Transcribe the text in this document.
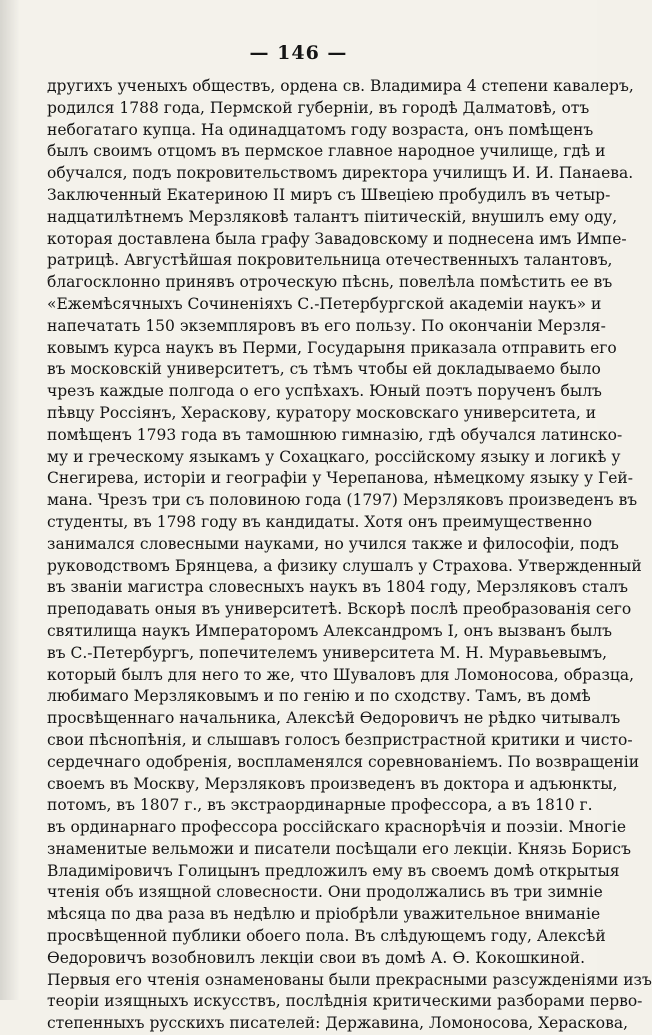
— 146 —
другихъ ученыхъ обществъ, ордена св. Владимира 4 степени кавалеръ,
родился 1788 года, Пермской губерніи, въ городѣ Далматовѣ, отъ
небогатаго купца. На одинадцатомъ году возраста, онъ помѣщенъ
былъ своимъ отцомъ въ пермское главное народное училище, гдѣ и
обучался, подъ покровительствомъ директора училищъ И. И. Панаева.
Заключенный Екатериною II миръ съ Швеціею пробудилъ въ четыр-
надцатилѣтнемъ Мерзляковѣ талантъ піитическій, внушилъ ему оду,
которая доставлена была графу Завадовскому и поднесена имъ Импе-
ратрицѣ. Августѣйшая покровительница отечественныхъ талантовъ,
благосклонно принявъ отроческую пѣснь, повелѣла помѣстить ее въ
«Ежемѣсячныхъ Сочиненіяхъ С.-Петербургской академіи наукъ» и
напечатать 150 экземпляровъ въ его пользу. По окончаніи Мерзля-
ковымъ курса наукъ въ Перми, Государыня приказала отправить его
въ московскій университетъ, съ тѣмъ чтобы ей докладываемо было
чрезъ каждые полгода о его успѣхахъ. Юный поэтъ порученъ былъ
пѣвцу Россіянъ, Хераскову, куратору московскаго университета, и
помѣщенъ 1793 года въ тамошнюю гимназію, гдѣ обучался латинско-
му и греческому языкамъ у Сохацкаго, россійскому языку и логикѣ у
Снегирева, исторіи и географіи у Черепанова, нѣмецкому языку у Гей-
мана. Чрезъ три съ половиною года (1797) Мерзляковъ произведенъ въ
студенты, въ 1798 году въ кандидаты. Хотя онъ преимущественно
занимался словесными науками, но учился также и философіи, подъ
руководствомъ Брянцева, а физику слушалъ у Страхова. Утвержденный
въ званіи магистра словесныхъ наукъ въ 1804 году, Мерзляковъ сталъ
преподавать оныя въ университетѣ. Вскорѣ послѣ преобразованія сего
святилища наукъ Императоромъ Александромъ I, онъ вызванъ былъ
въ С.-Петербургъ, попечителемъ университета М. Н. Муравьевымъ,
который былъ для него то же, что Шуваловъ для Ломоносова, образца,
любимаго Мерзляковымъ и по генію и по сходству. Тамъ, въ домѣ
просвѣщеннаго начальника, Алексѣй Ѳедоровичъ не рѣдко читывалъ
свои пѣснопѣнія, и слышавъ голосъ безпристрастной критики и чисто-
сердечнаго одобренія, воспламенялся соревнованіемъ. По возвращеніи
своемъ въ Москву, Мерзляковъ произведенъ въ доктора и адъюнкты,
потомъ, въ 1807 г., въ экстраординарные профессора, а въ 1810 г.
въ ординарнаго профессора россійскаго краснорѣчія и поэзіи. Многіе
знаменитые вельможи и писатели посѣщали его лекціи. Князь Борисъ
Владиміровичъ Голицынъ предложилъ ему въ своемъ домѣ открытыя
чтенія объ изящной словесности. Они продолжались въ три зимніе
мѣсяца по два раза въ недѣлю и пріобрѣли уважительное вниманіе
просвѣщенной публики обоего пола. Въ слѣдующемъ году, Алексѣй
Ѳедоровичъ возобновилъ лекціи свои въ домѣ А. Ѳ. Кокошкиной.
Первыя его чтенія ознаменованы были прекрасными разсужденіями изъ
теоріи изящныхъ искусствъ, послѣднія критическими разборами перво-
степенныхъ русскихъ писателей: Державина, Ломоносова, Хераскова,
